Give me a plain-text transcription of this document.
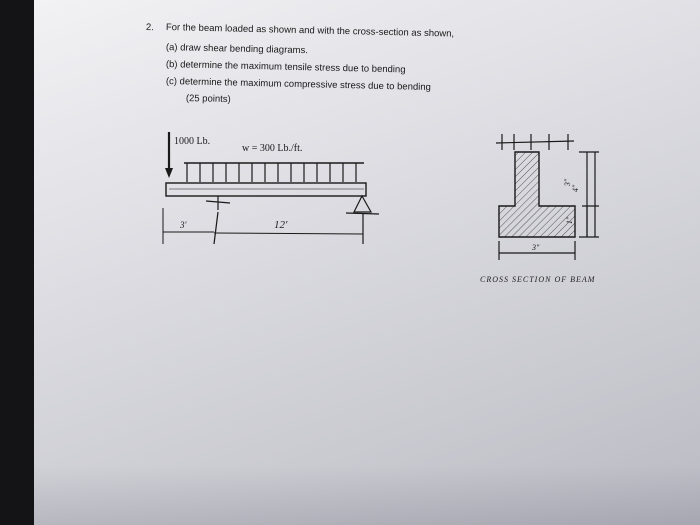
2. For the beam loaded as shown and with the cross-section as shown,
(a) draw shear bending diagrams.
(b) determine the maximum tensile stress due to bending
(c) determine the maximum compressive stress due to bending
(25 points)
1000 Lb.
w = 300 Lb./ft.
3'	12'
3"
4"
1"
3"
CROSS SECTION OF BEAM
